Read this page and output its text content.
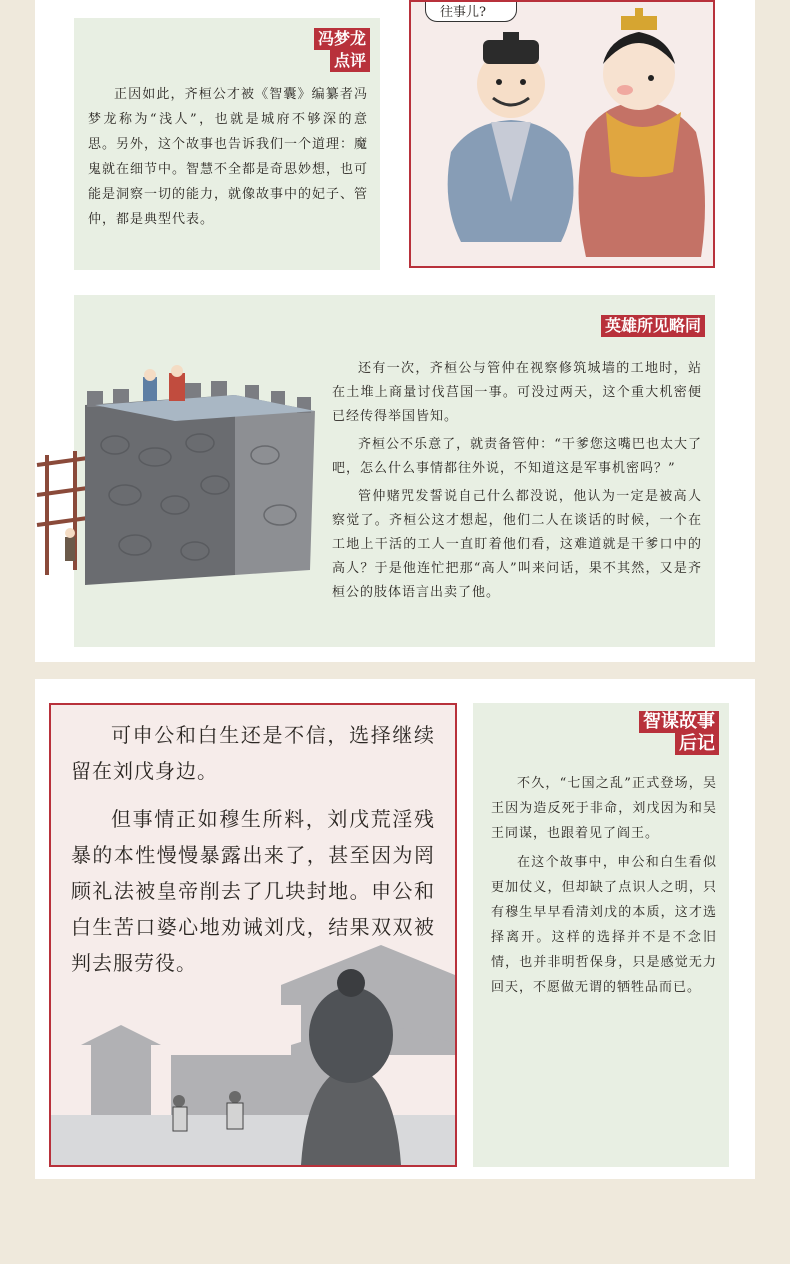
冯梦龙
点评

正因如此，齐桓公才被《智囊》编纂者冯梦龙称为“浅人”，也就是城府不够深的意思。另外，这个故事也告诉我们一个道理：魔鬼就在细节中。智慧不全都是奇思妙想，也可能是洞察一切的能力，就像故事中的妃子、管仲，都是典型代表。

往事儿?
英雄所见略同

还有一次，齐桓公与管仲在视察修筑城墙的工地时，站在土堆上商量讨伐莒国一事。可没过两天，这个重大机密便已经传得举国皆知。

齐桓公不乐意了，就责备管仲：“干爹您这嘴巴也太大了吧，怎么什么事情都往外说，不知道这是军事机密吗？”

管仲赌咒发誓说自己什么都没说，他认为一定是被高人察觉了。齐桓公这才想起，他们二人在谈话的时候，一个在工地上干活的工人一直盯着他们看，这难道就是干爹口中的高人？于是他连忙把那“高人”叫来问话，果不其然，又是齐桓公的肢体语言出卖了他。

可申公和白生还是不信，选择继续留在刘戊身边。

但事情正如穆生所料，刘戊荒淫残暴的本性慢慢暴露出来了，甚至因为罔顾礼法被皇帝削去了几块封地。申公和白生苦口婆心地劝诫刘戊，结果双双被判去服劳役。

智谋故事
后记

不久，“七国之乱”正式登场，吴王因为造反死于非命，刘戊因为和吴王同谋，也跟着见了阎王。

在这个故事中，申公和白生看似更加仗义，但却缺了点识人之明，只有穆生早早看清刘戊的本质，这才选择离开。这样的选择并不是不念旧情，也并非明哲保身，只是感觉无力回天，不愿做无谓的牺牲品而已。
